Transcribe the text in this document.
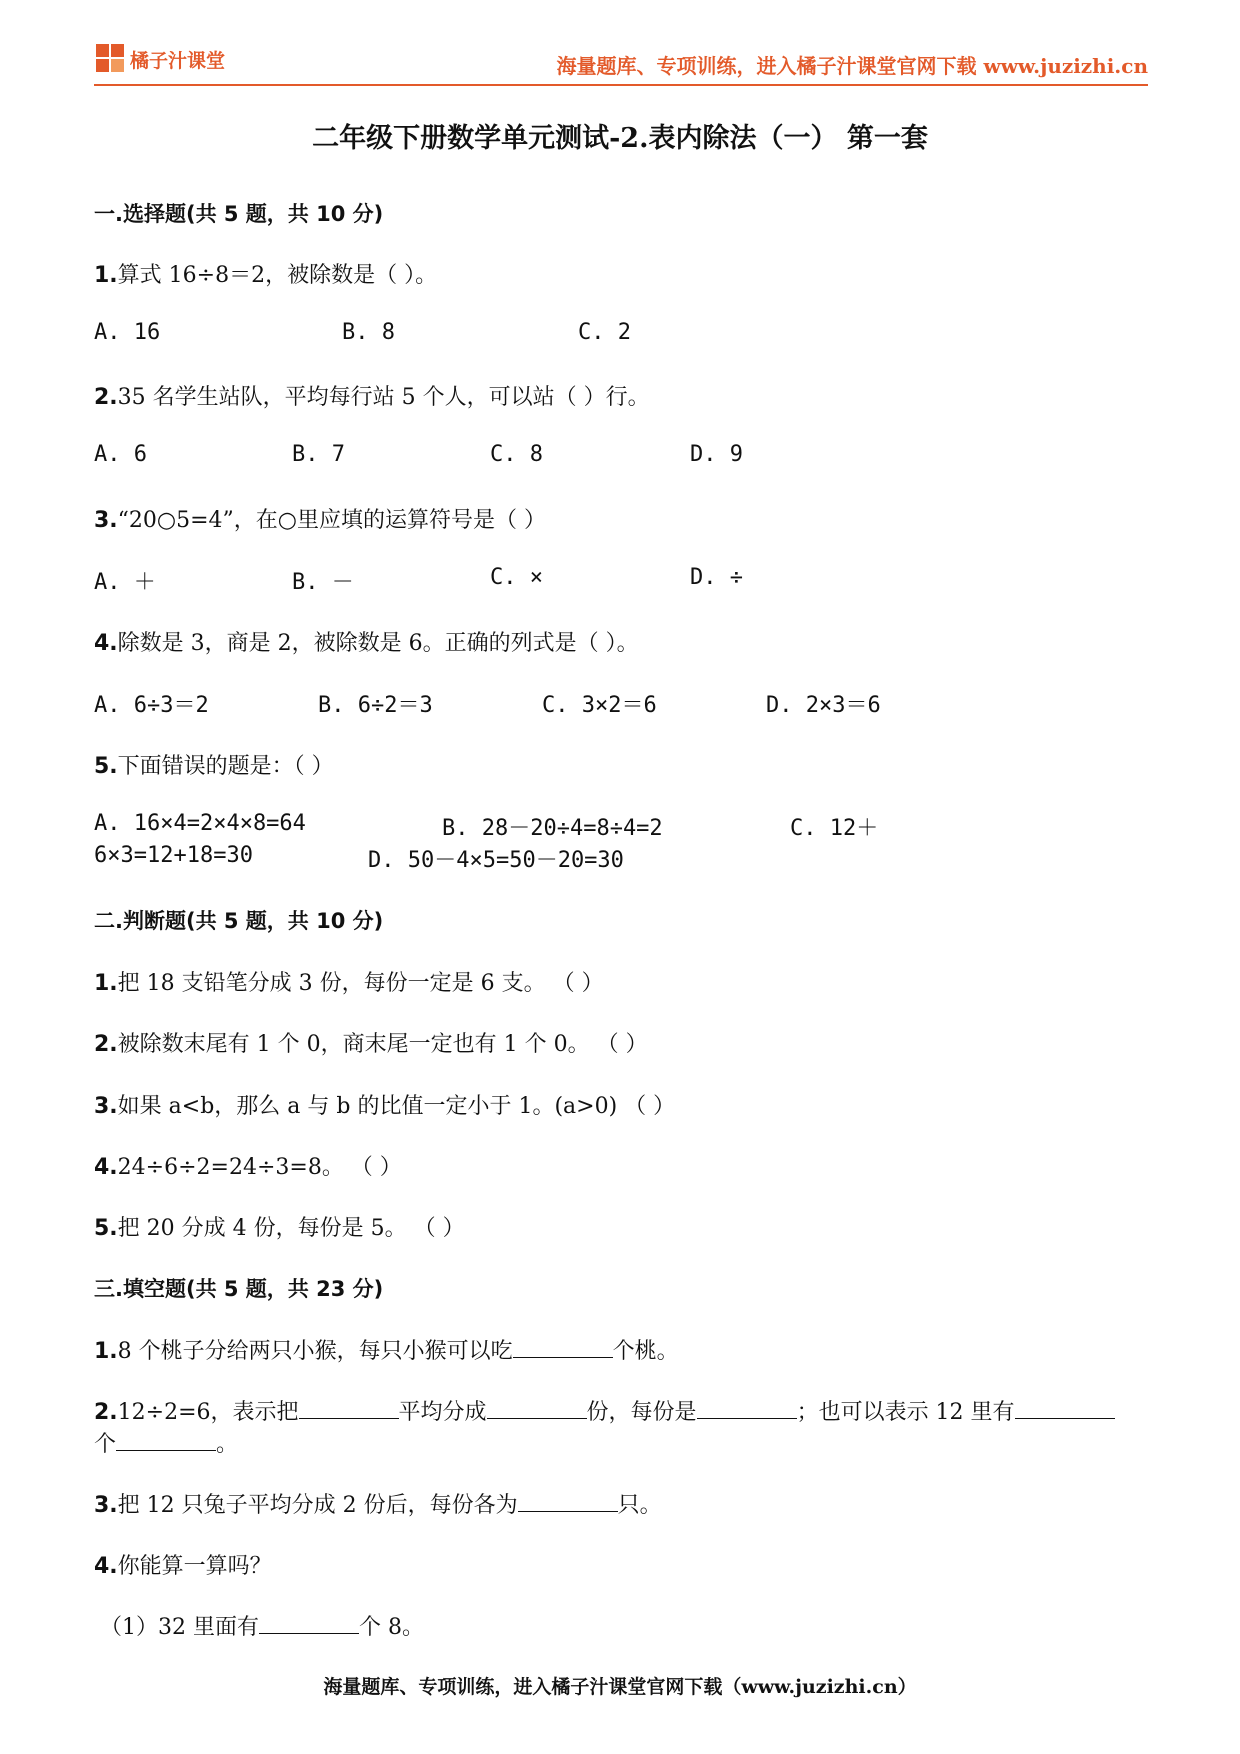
橘子汁课堂	海量题库、专项训练，进入橘子汁课堂官网下载 www.juzizhi.cn
二年级下册数学单元测试-2.表内除法（一） 第一套
一.选择题(共 5 题，共 10 分)
1.算式 16÷8＝2，被除数是（ ）。
A. 16	B. 8	C. 2
2.35 名学生站队，平均每行站 5 个人，可以站（ ）行。
A. 6	B. 7	C. 8	D. 9
3.“20○5=4”，在○里应填的运算符号是（ ）
A. ＋	B. －	C. ×	D. ÷
4.除数是 3，商是 2，被除数是 6。正确的列式是（ ）。
A. 6÷3＝2	B. 6÷2＝3	C. 3×2＝6	D. 2×3＝6
5.下面错误的题是：（ ）
A. 16×4=2×4×8=64	B. 28－20÷4=8÷4=2	C. 12＋
6×3=12+18=30	D. 50－4×5=50－20=30
二.判断题(共 5 题，共 10 分)
1.把 18 支铅笔分成 3 份，每份一定是 6 支。 （ ）
2.被除数末尾有 1 个 0，商末尾一定也有 1 个 0。 （ ）
3.如果 a<b，那么 a 与 b 的比值一定小于 1。(a>0) （ ）
4.24÷6÷2=24÷3=8。 （ ）
5.把 20 分成 4 份，每份是 5。 （ ）
三.填空题(共 5 题，共 23 分)
1.8 个桃子分给两只小猴，每只小猴可以吃	个桃。
2.12÷2=6，表示把	平均分成	份，每份是	；也可以表示 12 里有
个	。
3.把 12 只兔子平均分成 2 份后，每份各为	只。
4.你能算一算吗？
（1）32 里面有	个 8。
海量题库、专项训练，进入橘子汁课堂官网下载（www.juzizhi.cn）
